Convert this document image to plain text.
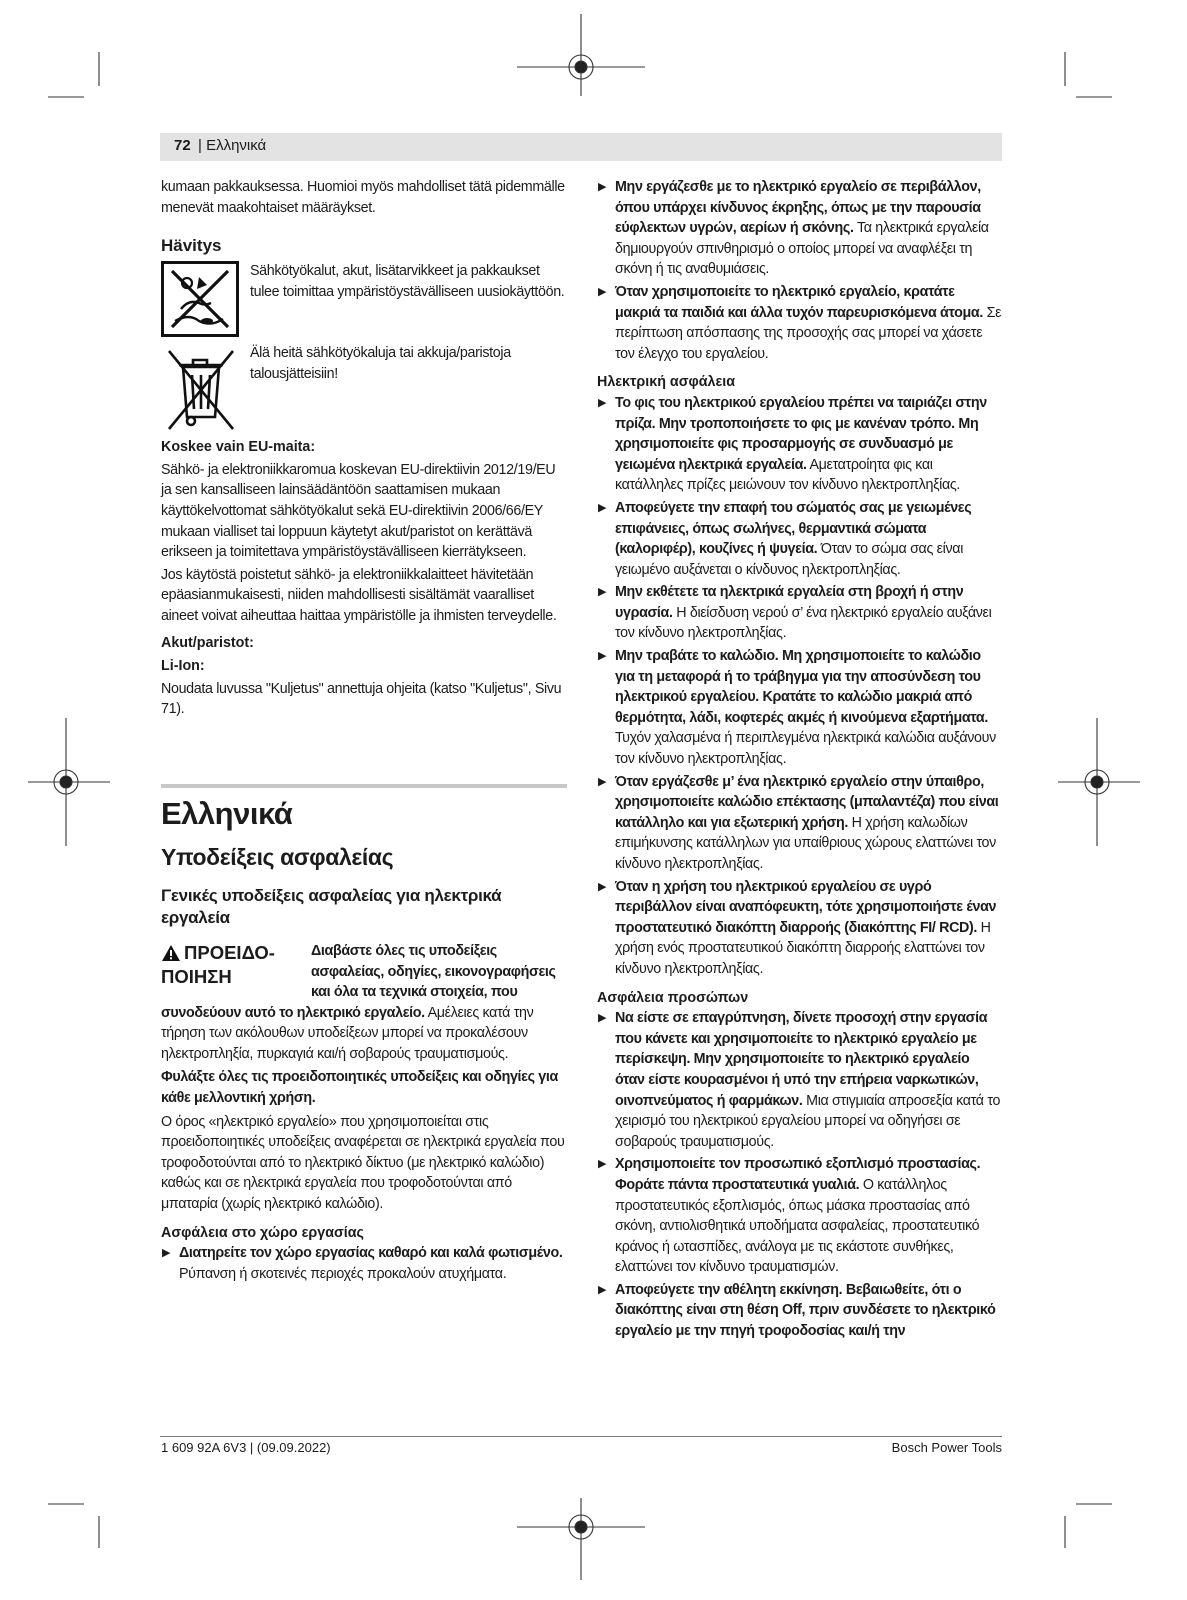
72 | Ελληνικά

kumaan pakkauksessa. Huomioi myös mahdolliset tätä pidemmälle menevät maakohtaiset määräykset.

Hävitys

Sähkötyökalut, akut, lisätarvikkeet ja pakkaukset tulee toimittaa ympäristöystävälliseen uusiokäyttöön.

Älä heitä sähkötyökaluja tai akkuja/paristoja talousjätteisiin!

Koskee vain EU-maita:

Sähkö- ja elektroniikkaromua koskevan EU-direktiivin 2012/19/EU ja sen kansalliseen lainsäädäntöön saattamisen mukaan käyttökelvottomat sähkötyökalut sekä EU-direktiivin 2006/66/EY mukaan vialliset tai loppuun käytetyt akut/paristot on kerättävä erikseen ja toimitettava ympäristöystävälliseen kierrätykseen.

Jos käytöstä poistetut sähkö- ja elektroniikkalaitteet hävitetään epäasianmukaisesti, niiden mahdollisesti sisältämät vaaralliset aineet voivat aiheuttaa haittaa ympäristölle ja ihmisten terveydelle.

Akut/paristot:
Li-Ion:

Noudata luvussa "Kuljetus" annettuja ohjeita (katso "Kuljetus", Sivu 71).

Ελληνικά
Υποδείξεις ασφαλείας
Γενικές υποδείξεις ασφαλείας για ηλεκτρικά εργαλεία
ΠΡΟΕΙΔΟ-ΠΟΙΗΣΗ

Διαβάστε όλες τις υποδείξεις ασφαλείας, οδηγίες, εικονογραφήσεις και όλα τα τεχνικά στοιχεία, που συνοδεύουν αυτό το ηλεκτρικό εργαλείο. Αμέλειες κατά την τήρηση των ακόλουθων υποδείξεων μπορεί να προκαλέσουν ηλεκτροπληξία, πυρκαγιά και/ή σοβαρούς τραυματισμούς.

Φυλάξτε όλες τις προειδοποιητικές υποδείξεις και οδηγίες για κάθε μελλοντική χρήση.

Ο όρος «ηλεκτρικό εργαλείο» που χρησιμοποιείται στις προειδοποιητικές υποδείξεις αναφέρεται σε ηλεκτρικά εργαλεία που τροφοδοτούνται από το ηλεκτρικό δίκτυο (με ηλεκτρικό καλώδιο) καθώς και σε ηλεκτρικά εργαλεία που τροφοδοτούνται από μπαταρία (χωρίς ηλεκτρικό καλώδιο).

Ασφάλεια στο χώρο εργασίας
▶ Διατηρείτε τον χώρο εργασίας καθαρό και καλά φωτισμένο. Ρύπανση ή σκοτεινές περιοχές προκαλούν ατυχήματα.

▶ Μην εργάζεσθε με το ηλεκτρικό εργαλείο σε περιβάλλον, όπου υπάρχει κίνδυνος έκρηξης, όπως με την παρουσία εύφλεκτων υγρών, αερίων ή σκόνης. Τα ηλεκτρικά εργαλεία δημιουργούν σπινθηρισμό ο οποίος μπορεί να αναφλέξει τη σκόνη ή τις αναθυμιάσεις.

▶ Όταν χρησιμοποιείτε το ηλεκτρικό εργαλείο, κρατάτε μακριά τα παιδιά και άλλα τυχόν παρευρισκόμενα άτομα. Σε περίπτωση απόσπασης της προσοχής σας μπορεί να χάσετε τον έλεγχο του εργαλείου.

Ηλεκτρική ασφάλεια
▶ Το φις του ηλεκτρικού εργαλείου πρέπει να ταιριάζει στην πρίζα. Μην τροποποιήσετε το φις με κανέναν τρόπο. Μη χρησιμοποιείτε φις προσαρμογής σε συνδυασμό με γειωμένα ηλεκτρικά εργαλεία. Αμετατροίητα φις και κατάλληλες πρίζες μειώνουν τον κίνδυνο ηλεκτροπληξίας.

▶ Αποφεύγετε την επαφή του σώματός σας με γειωμένες επιφάνειες, όπως σωλήνες, θερμαντικά σώματα (καλοριφέρ), κουζίνες ή ψυγεία. Όταν το σώμα σας είναι γειωμένο αυξάνεται ο κίνδυνος ηλεκτροπληξίας.

▶ Μην εκθέτετε τα ηλεκτρικά εργαλεία στη βροχή ή στην υγρασία. Η διείσδυση νερού σ’ ένα ηλεκτρικό εργαλείο αυξάνει τον κίνδυνο ηλεκτροπληξίας.

▶ Μην τραβάτε το καλώδιο. Μη χρησιμοποιείτε το καλώδιο για τη μεταφορά ή το τράβηγμα για την αποσύνδεση του ηλεκτρικού εργαλείου. Κρατάτε το καλώδιο μακριά από θερμότητα, λάδι, κοφτερές ακμές ή κινούμενα εξαρτήματα. Τυχόν χαλασμένα ή περιπλεγμένα ηλεκτρικά καλώδια αυξάνουν τον κίνδυνο ηλεκτροπληξίας.

▶ Όταν εργάζεσθε μ’ ένα ηλεκτρικό εργαλείο στην ύπαιθρο, χρησιμοποιείτε καλώδιο επέκτασης (μπαλαντέζα) που είναι κατάλληλο και για εξωτερική χρήση. Η χρήση καλωδίων επιμήκυνσης κατάλληλων για υπαίθριους χώρους ελαττώνει τον κίνδυνο ηλεκτροπληξίας.

▶ Όταν η χρήση του ηλεκτρικού εργαλείου σε υγρό περιβάλλον είναι αναπόφευκτη, τότε χρησιμοποιήστε έναν προστατευτικό διακόπτη διαρροής (διακόπτης FI/ RCD). Η χρήση ενός προστατευτικού διακόπτη διαρροής ελαττώνει τον κίνδυνο ηλεκτροπληξίας.

Ασφάλεια προσώπων
▶ Να είστε σε επαγρύπνηση, δίνετε προσοχή στην εργασία που κάνετε και χρησιμοποιείτε το ηλεκτρικό εργαλείο με περίσκεψη. Μην χρησιμοποιείτε το ηλεκτρικό εργαλείο όταν είστε κουρασμένοι ή υπό την επήρεια ναρκωτικών, οινοπνεύματος ή φαρμάκων. Μια στιγμιαία απροσεξία κατά το χειρισμό του ηλεκτρικού εργαλείου μπορεί να οδηγήσει σε σοβαρούς τραυματισμούς.

▶ Χρησιμοποιείτε τον προσωπικό εξοπλισμό προστασίας. Φοράτε πάντα προστατευτικά γυαλιά. Ο κατάλληλος προστατευτικός εξοπλισμός, όπως μάσκα προστασίας από σκόνη, αντιολισθητικά υποδήματα ασφαλείας, προστατευτικό κράνος ή ωτασπίδες, ανάλογα με τις εκάστοτε συνθήκες, ελαττώνει τον κίνδυνο τραυματισμών.

▶ Αποφεύγετε την αθέλητη εκκίνηση. Βεβαιωθείτε, ότι ο διακόπτης είναι στη θέση Off, πριν συνδέσετε το ηλεκτρικό εργαλείο με την πηγή τροφοδοσίας και/ή την

1 609 92A 6V3 | (09.09.2022)	Bosch Power Tools
